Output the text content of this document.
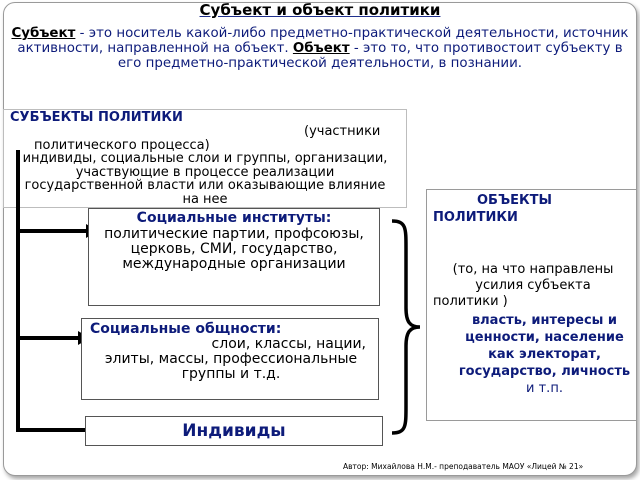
Субъект и объект политики
Субъект - это носитель какой-либо предметно-практической деятельности, источник активности, направленной на объект. Объект - это то, что противостоит субъекту в его предметно-практической деятельности, в познании.
СУБЪЕКТЫ ПОЛИТИКИ
(участники
политического процесса)
индивиды, социальные слои и группы, организации, участвующие в процессе реализации государственной власти или оказывающие влияние на нее
Социальные институты:
политические партии, профсоюзы, церковь, СМИ, государство, международные организации
Социальные общности:
слои, классы, нации,
элиты, массы, профессиональные группы и т.д.
Индивиды
ОБЪЕКТЫ ПОЛИТИКИ
(то, на что направлены
усилия субъекта
политики )
власть, интересы и ценности, население как электорат, государство, личность и т.п.
Автор: Михайлова Н.М.- преподаватель МАОУ «Лицей № 21»
